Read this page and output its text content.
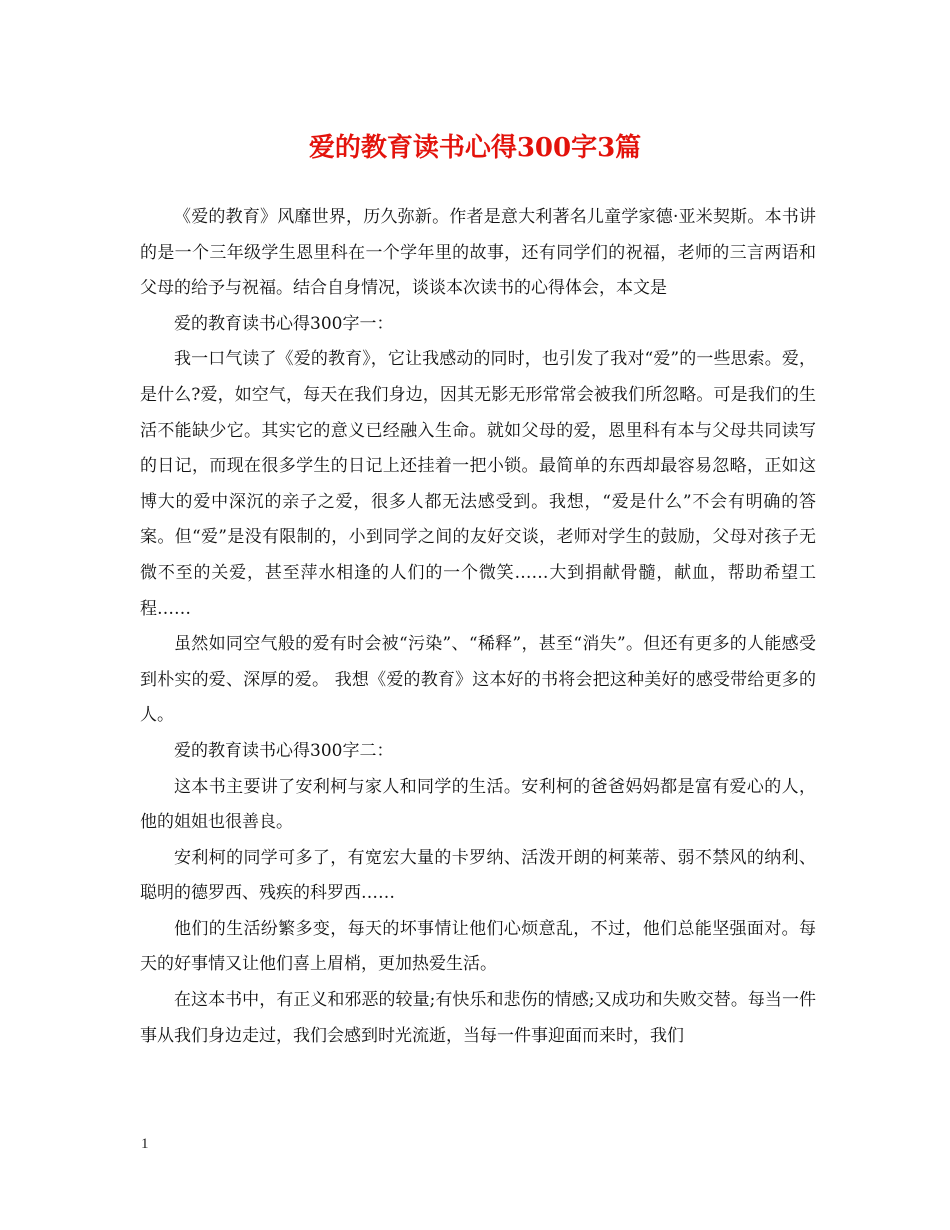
爱的教育读书心得300字3篇

《爱的教育》风靡世界，历久弥新。作者是意大利著名儿童学家德·亚米契斯。本书讲的是一个三年级学生恩里科在一个学年里的故事，还有同学们的祝福，老师的三言两语和 父母的给予与祝福。结合自身情况，谈谈本次读书的心得体会，本文是

爱的教育读书心得300字一：

我一口气读了《爱的教育》，它让我感动的同时，也引发了我对“爱”的一些思索。爱，是什么?爱，如空气，每天在我们身边，因其无影无形常常会被我们所忽略。可是我们的生活不能缺少它。其实它的意义已经融入生命。就如父母的爱，恩里科有本与父母共同读写的日记，而现在很多学生的日记上还挂着一把小锁。最简单的东西却最容易忽略，正如这博大的爱中深沉的亲子之爱，很多人都无法感受到。我想，“爱是什么”不会有明确的答案。但“爱”是没有限制的，小到同学之间的友好交谈，老师对学生的鼓励，父母对孩子无微不至的关爱，甚至萍水相逢的人们的一个微笑……大到捐献骨髓，献血，帮助希望工程……

虽然如同空气般的爱有时会被“污染”、“稀释”，甚至“消失”。但还有更多的人能感受到朴实的爱、深厚的爱。 我想《爱的教育》这本好的书将会把这种美好的感受带给更多的人。

爱的教育读书心得300字二：

这本书主要讲了安利柯与家人和同学的生活。安利柯的爸爸妈妈都是富有爱心的人，他的姐姐也很善良。

安利柯的同学可多了，有宽宏大量的卡罗纳、活泼开朗的柯莱蒂、弱不禁风的纳利、聪明的德罗西、残疾的科罗西……

他们的生活纷繁多变，每天的坏事情让他们心烦意乱，不过，他们总能坚强面对。每天的好事情又让他们喜上眉梢，更加热爱生活。

在这本书中，有正义和邪恶的较量;有快乐和悲伤的情感;又成功和失败交替。每当一件事从我们身边走过，我们会感到时光流逝，当每一件事迎面而来时，我们

1
